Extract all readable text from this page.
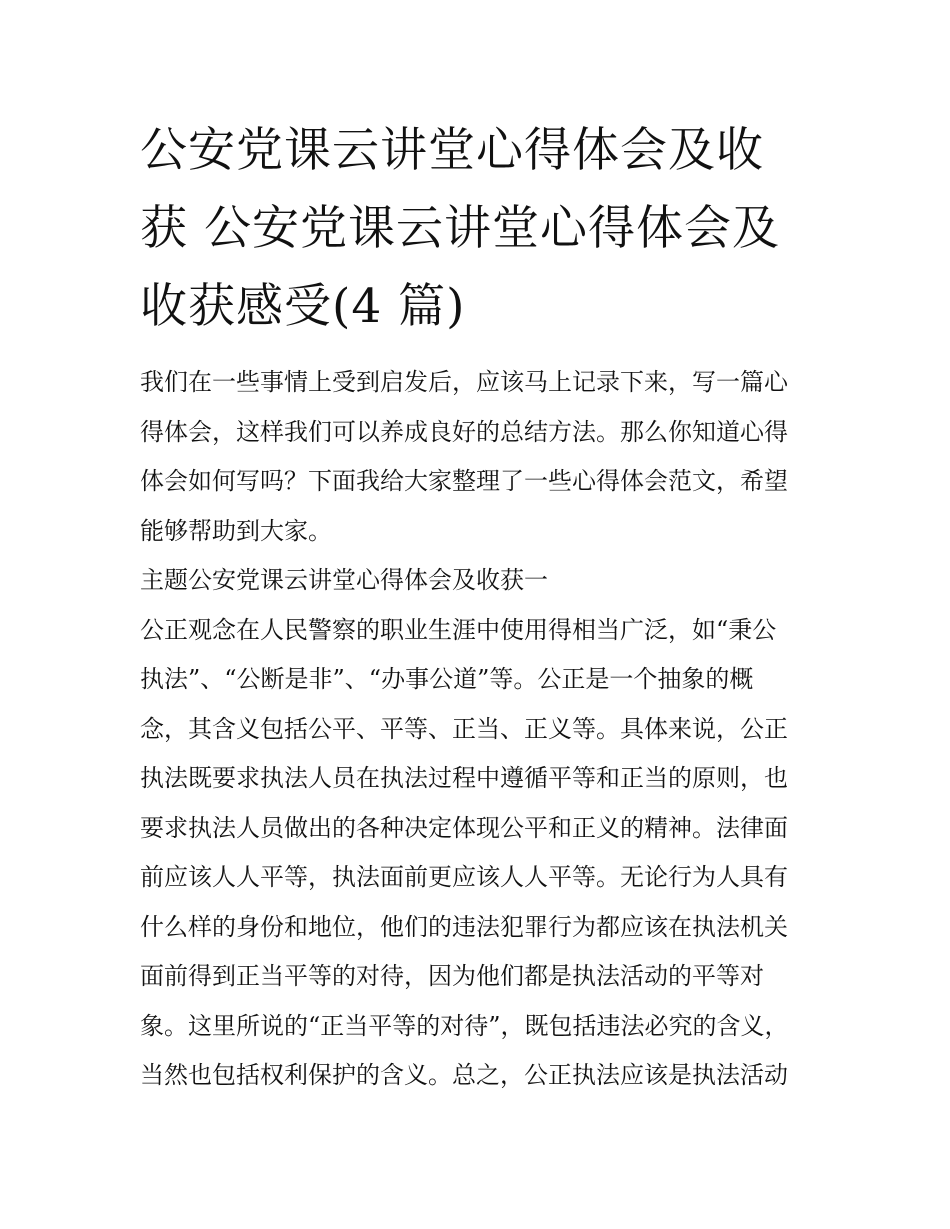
公安党课云讲堂心得体会及收
获 公安党课云讲堂心得体会及
收获感受(4 篇)

我们在一些事情上受到启发后，应该马上记录下来，写一篇心
得体会，这样我们可以养成良好的总结方法。那么你知道心得
体会如何写吗？下面我给大家整理了一些心得体会范文，希望
能够帮助到大家。

主题公安党课云讲堂心得体会及收获一

公正观念在人民警察的职业生涯中使用得相当广泛，如“秉公
执法”、“公断是非”、“办事公道”等。公正是一个抽象的概
念，其含义包括公平、平等、正当、正义等。具体来说，公正
执法既要求执法人员在执法过程中遵循平等和正当的原则，也
要求执法人员做出的各种决定体现公平和正义的精神。法律面
前应该人人平等，执法面前更应该人人平等。无论行为人具有
什么样的身份和地位，他们的违法犯罪行为都应该在执法机关
面前得到正当平等的对待，因为他们都是执法活动的平等对
象。这里所说的“正当平等的对待”，既包括违法必究的含义，
当然也包括权利保护的含义。总之，公正执法应该是执法活动
